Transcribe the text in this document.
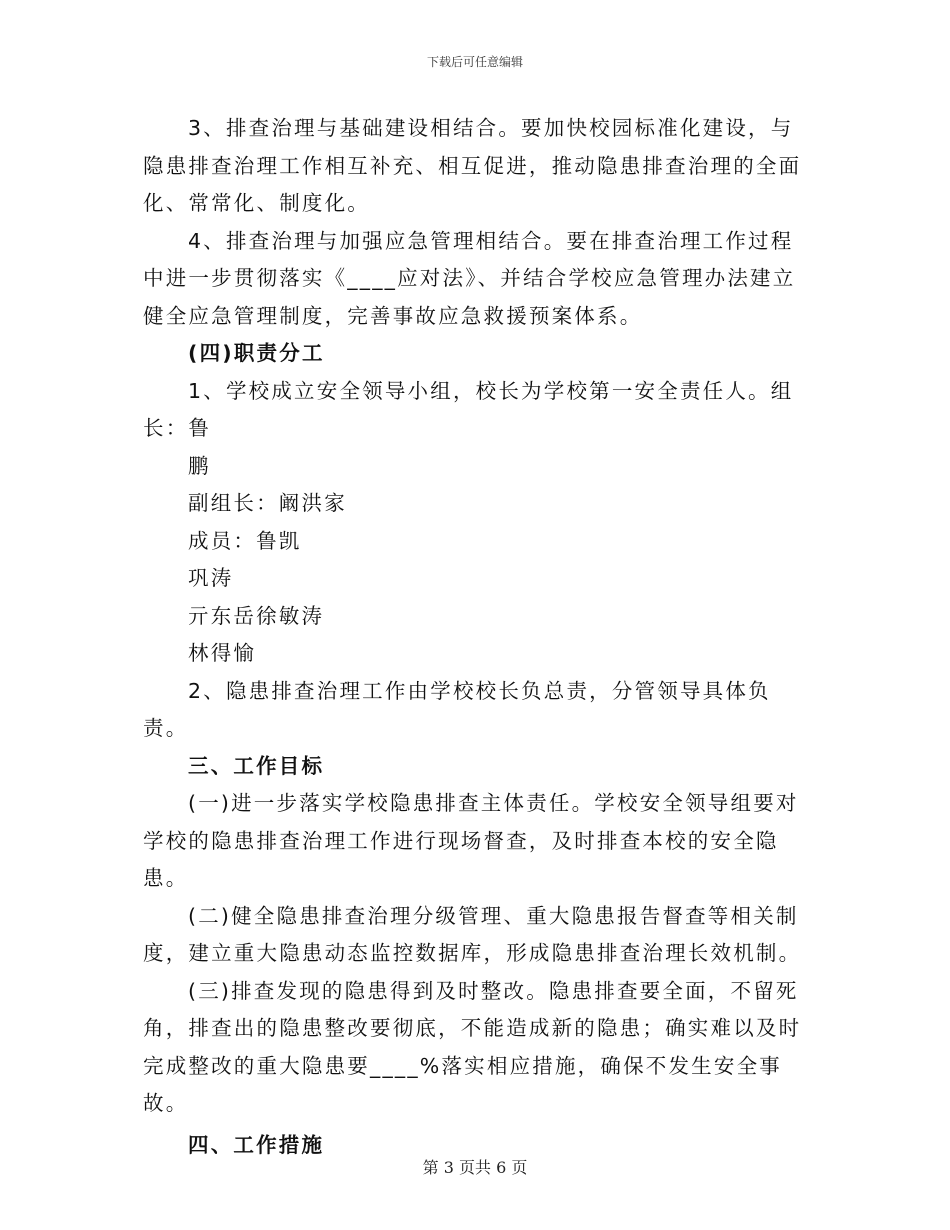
下载后可任意编辑

3、排查治理与基础建设相结合。要加快校园标准化建设，与隐患排查治理工作相互补充、相互促进，推动隐患排查治理的全面化、常常化、制度化。

4、排查治理与加强应急管理相结合。要在排查治理工作过程中进一步贯彻落实《____应对法》、并结合学校应急管理办法建立健全应急管理制度，完善事故应急救援预案体系。

(四)职责分工

1、学校成立安全领导小组，校长为学校第一安全责任人。组长：鲁

鹏

副组长：阚洪家

成员：鲁凯

巩涛

亓东岳徐敏涛

林得愉

2、隐患排查治理工作由学校校长负总责，分管领导具体负责。

三、工作目标

(一)进一步落实学校隐患排查主体责任。学校安全领导组要对学校的隐患排查治理工作进行现场督查，及时排查本校的安全隐患。

(二)健全隐患排查治理分级管理、重大隐患报告督查等相关制度，建立重大隐患动态监控数据库，形成隐患排查治理长效机制。

(三)排查发现的隐患得到及时整改。隐患排查要全面，不留死角，排查出的隐患整改要彻底，不能造成新的隐患；确实难以及时完成整改的重大隐患要____%落实相应措施，确保不发生安全事故。

四、工作措施

第 3 页共 6 页
